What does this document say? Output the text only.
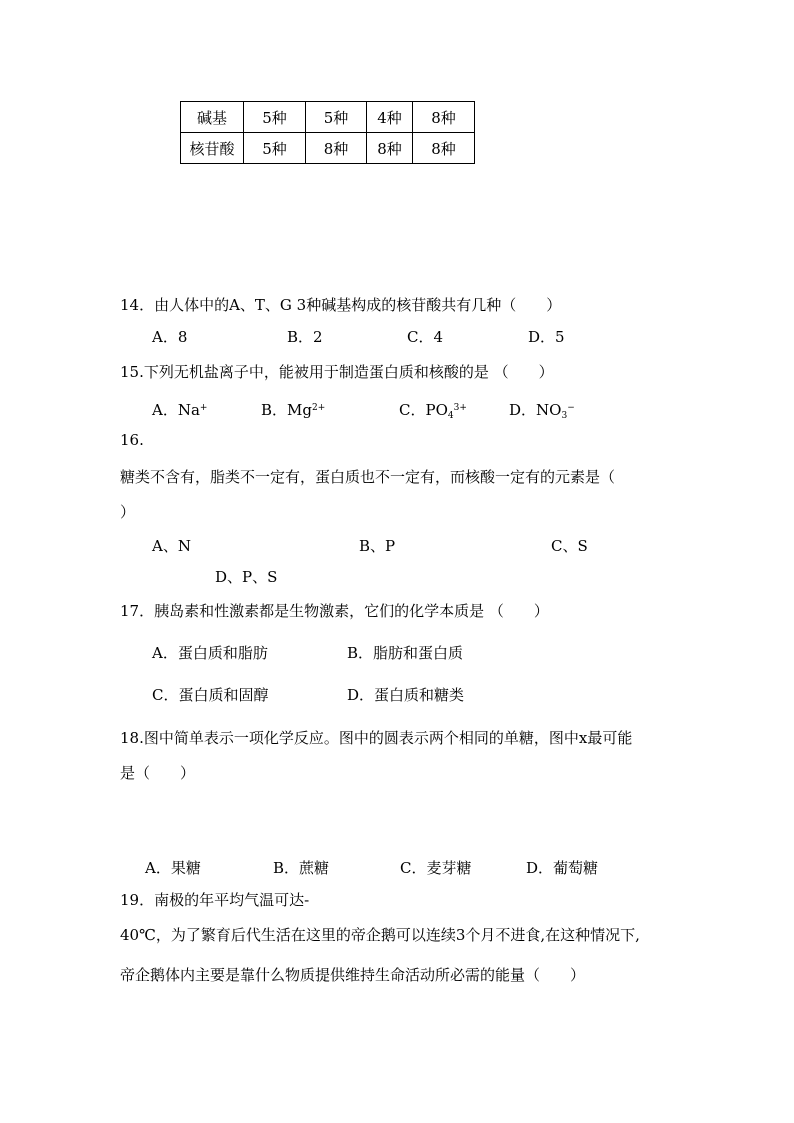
碱基	5种	5种	4种	8种
核苷酸	5种	8种	8种	8种
14．由人体中的A、T、G 3种碱基构成的核苷酸共有几种（　　）
A．8	B．2	C．4	D．5
15.下列无机盐离子中，能被用于制造蛋白质和核酸的是 （　　）
A．Na+	B．$Mg^{2+}$	C．$PO_4^{3+}$	D．$NO_3^-$
16.
糖类不含有，脂类不一定有，蛋白质也不一定有，而核酸一定有的元素是（
）
A、N	B、P	C、S
D、P、S
17．胰岛素和性激素都是生物激素，它们的化学本质是 （　　）
A．蛋白质和脂肪	B．脂肪和蛋白质
C．蛋白质和固醇	D．蛋白质和糖类
18.图中简单表示一项化学反应。图中的圆表示两个相同的单糖，图中x最可能
是（　　）
A．果糖	B．蔗糖	C．麦芽糖	D．葡萄糖
19．南极的年平均气温可达-
40℃，为了繁育后代生活在这里的帝企鹅可以连续3个月不进食,在这种情况下,
帝企鹅体内主要是靠什么物质提供维持生命活动所必需的能量（　　）
